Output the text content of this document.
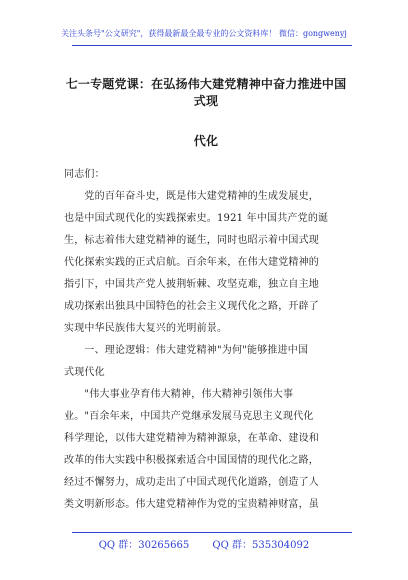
关注头条号"公文研究"，获得最新最全最专业的公文资料库！ 微信：gongwenyj
七一专题党课：在弘扬伟大建党精神中奋力推进中国式现
代化
同志们：
　　党的百年奋斗史，既是伟大建党精神的生成发展史，
也是中国式现代化的实践探索史。1921 年中国共产党的诞
生，标志着伟大建党精神的诞生，同时也昭示着中国式现
代化探索实践的正式启航。百余年来，在伟大建党精神的
指引下，中国共产党人披荆斩棘、攻坚克难，独立自主地
成功探索出独具中国特色的社会主义现代化之路，开辟了
实现中华民族伟大复兴的光明前景。
　　一、理论逻辑：伟大建党精神"为何"能够推进中国
式现代化
　　"伟大事业孕育伟大精神，伟大精神引领伟大事
业。"百余年来，中国共产党继承发展马克思主义现代化
科学理论，以伟大建党精神为精神源泉，在革命、建设和
改革的伟大实践中积极探索适合中国国情的现代化之路，
经过不懈努力，成功走出了中国式现代化道路，创造了人
类文明新形态。伟大建党精神作为党的宝贵精神财富，虽
QQ 群：30265665 QQ 群：535304092
